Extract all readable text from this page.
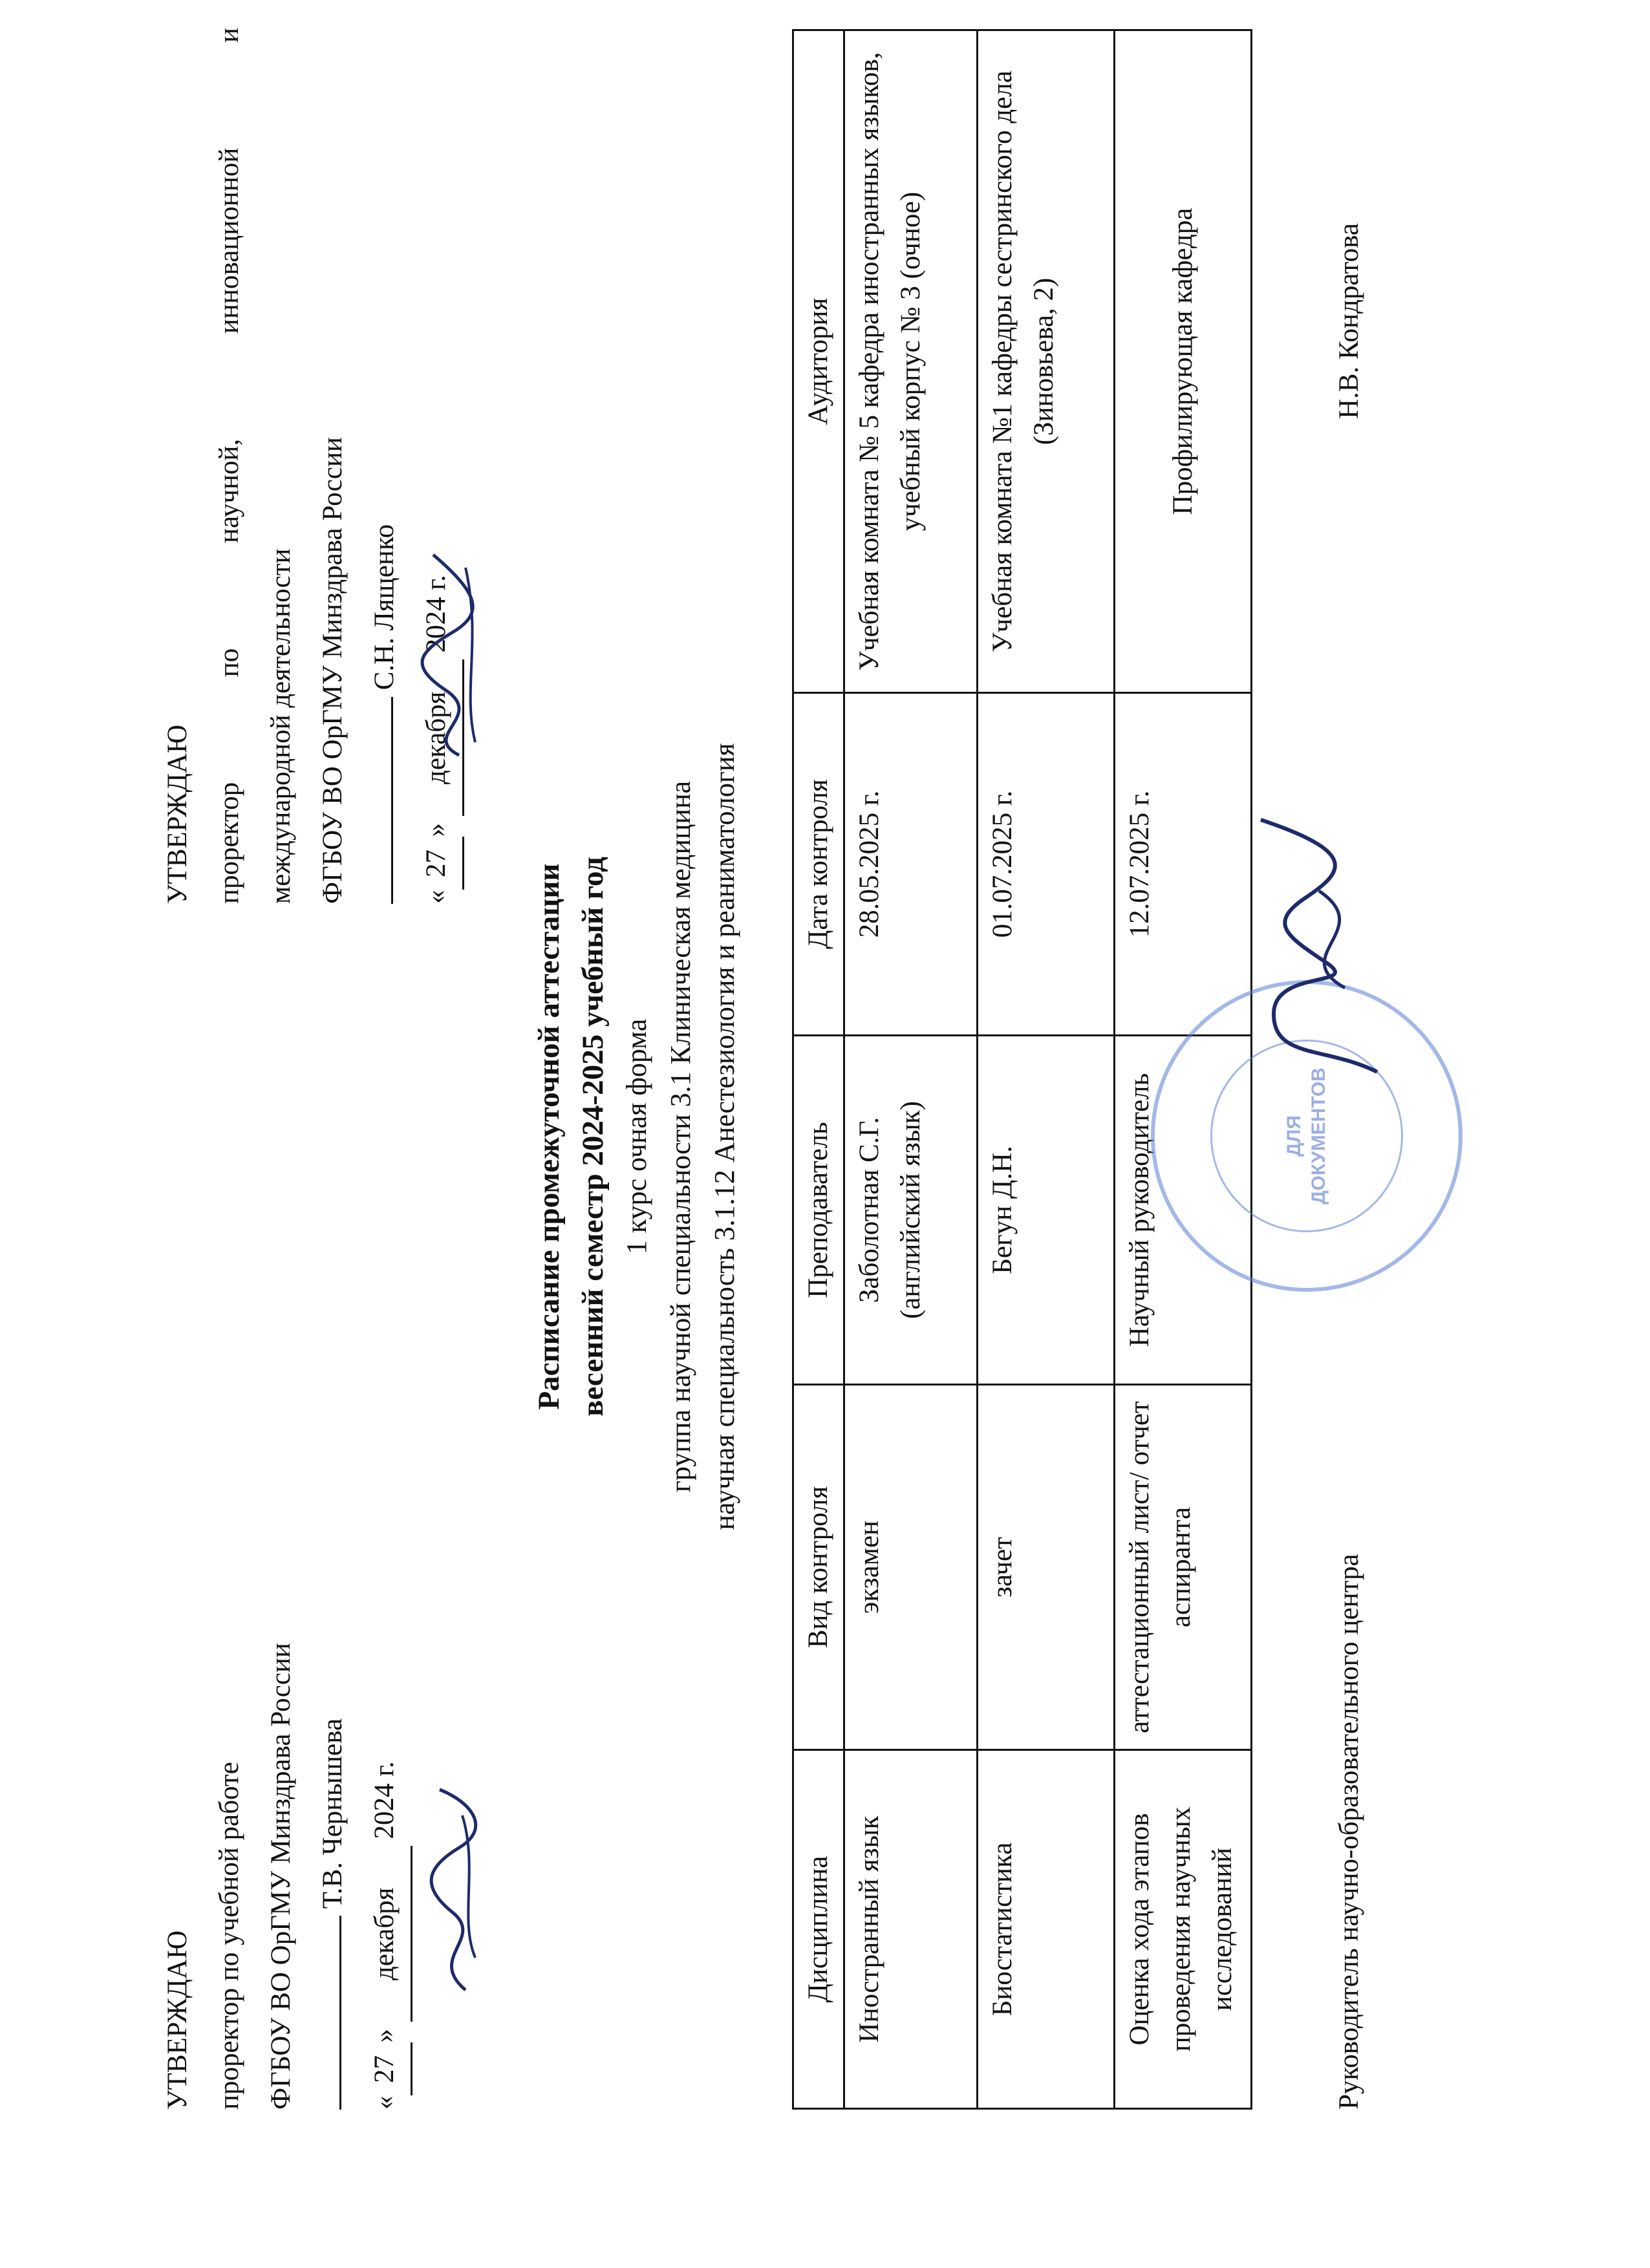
УТВЕРЖДАЮ проректор по учебной работе ФГБОУ ВО ОрГМУ Минздрава России Т.В. Чернышева
«27» декабря 2024 г.
УТВЕРЖДАЮ проректор
по
научной,
инновационной
и
международной деятельности ФГБОУ ВО ОрГМУ Минздрава России С.Н. Лященко
«27» декабря 2024 г.
Расписание промежуточной аттестации весенний семестр 2024-2025 учебный год 1 курс очная форма группа научной специальности 3.1 Клиническая медицина научная специальность 3.1.12 Анестезиология и реаниматология
Дисциплина	Вид контроля	Преподаватель	Дата контроля	Аудитория
Иностранный язык	экзамен	Заболотная С.Г. (английский язык)	28.05.2025 г.	Учебная комната № 5 кафедра иностранных языков, учебный корпус № 3 (очное)
Биостатистика	зачет	Бегун Д.Н.	01.07.2025 г.	Учебная комната №1 кафедры сестринского дела (Зиновьева, 2)
Оценка хода этапов проведения научных исследований	аттестационный лист/ отчет аспиранта	Научный руководитель	12.07.2025 г.	Профилирующая кафедра
Руководитель научно-образовательного центра
Н.В. Кондратова
ДЛЯ ДОКУМЕНТОВ
